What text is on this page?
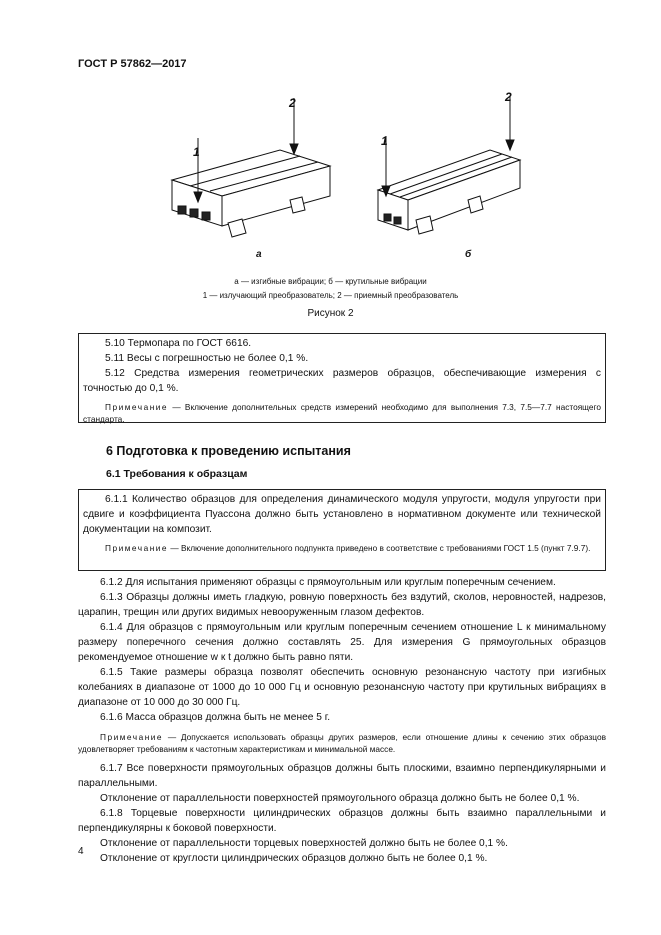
ГОСТ Р 57862—2017
1
2
1
2
а	б
а — изгибные вибрации; б — крутильные вибрации
1 — излучающий преобразователь; 2 — приемный преобразователь
Рисунок 2
5.10 Термопара по ГОСТ 6616.
5.11 Весы с погрешностью не более 0,1 %.
5.12 Средства измерения геометрических размеров образцов, обеспечивающие измерения с точностью до 0,1 %.
Примечание — Включение дополнительных средств измерений необходимо для выполнения 7.3, 7.5—7.7 настоящего стандарта.
6 Подготовка к проведению испытания
6.1 Требования к образцам
6.1.1 Количество образцов для определения динамического модуля упругости, модуля упругости при сдвиге и коэффициента Пуассона должно быть установлено в нормативном документе или технической документации на композит.
Примечание — Включение дополнительного подпункта приведено в соответствие с требованиями ГОСТ 1.5 (пункт 7.9.7).
6.1.2 Для испытания применяют образцы с прямоугольным или круглым поперечным сечением.
6.1.3 Образцы должны иметь гладкую, ровную поверхность без вздутий, сколов, неровностей, надрезов, царапин, трещин или других видимых невооруженным глазом дефектов.
6.1.4 Для образцов с прямоугольным или круглым поперечным сечением отношение L к минимальному размеру поперечного сечения должно составлять 25. Для измерения G прямоугольных образцов рекомендуемое отношение w к t должно быть равно пяти.
6.1.5 Такие размеры образца позволят обеспечить основную резонансную частоту при изгибных колебаниях в диапазоне от 1000 до 10 000 Гц и основную резонансную частоту при крутильных вибрациях в диапазоне от 10 000 до 30 000 Гц.
6.1.6 Масса образцов должна быть не менее 5 г.
Примечание — Допускается использовать образцы других размеров, если отношение длины к сечению этих образцов удовлетворяет требованиям к частотным характеристикам и минимальной массе.
6.1.7 Все поверхности прямоугольных образцов должны быть плоскими, взаимно перпендикулярными и параллельными.
Отклонение от параллельности поверхностей прямоугольного образца должно быть не более 0,1 %.
6.1.8 Торцевые поверхности цилиндрических образцов должны быть взаимно параллельными и перпендикулярны к боковой поверхности.
Отклонение от параллельности торцевых поверхностей должно быть не более 0,1 %.
Отклонение от круглости цилиндрических образцов должно быть не более 0,1 %.
4
